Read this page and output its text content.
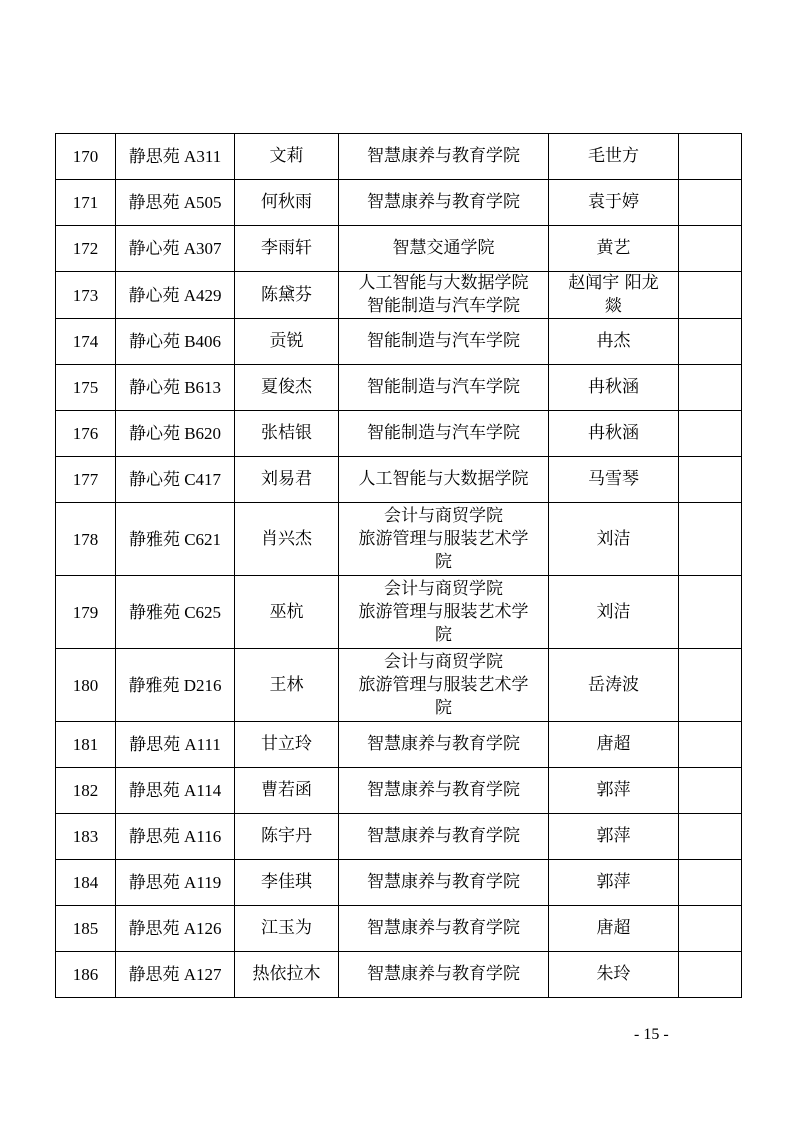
170	静思苑 A311	文莉	智慧康养与教育学院	毛世方	
171	静思苑 A505	何秋雨	智慧康养与教育学院	袁于婷	
172	静心苑 A307	李雨轩	智慧交通学院	黄艺	
173	静心苑 A429	陈黛芬	人工智能与大数据学院
智能制造与汽车学院	赵闻宇 阳龙
燚	
174	静心苑 B406	贡锐	智能制造与汽车学院	冉杰	
175	静心苑 B613	夏俊杰	智能制造与汽车学院	冉秋涵	
176	静心苑 B620	张桔银	智能制造与汽车学院	冉秋涵	
177	静心苑 C417	刘易君	人工智能与大数据学院	马雪琴	
178	静雅苑 C621	肖兴杰	会计与商贸学院
旅游管理与服装艺术学
院	刘洁	
179	静雅苑 C625	巫杭	会计与商贸学院
旅游管理与服装艺术学
院	刘洁	
180	静雅苑 D216	王林	会计与商贸学院
旅游管理与服装艺术学
院	岳涛波	
181	静思苑 A111	甘立玲	智慧康养与教育学院	唐超	
182	静思苑 A114	曹若函	智慧康养与教育学院	郭萍	
183	静思苑 A116	陈宇丹	智慧康养与教育学院	郭萍	
184	静思苑 A119	李佳琪	智慧康养与教育学院	郭萍	
185	静思苑 A126	江玉为	智慧康养与教育学院	唐超	
186	静思苑 A127	热依拉木	智慧康养与教育学院	朱玲	
- 15 -
